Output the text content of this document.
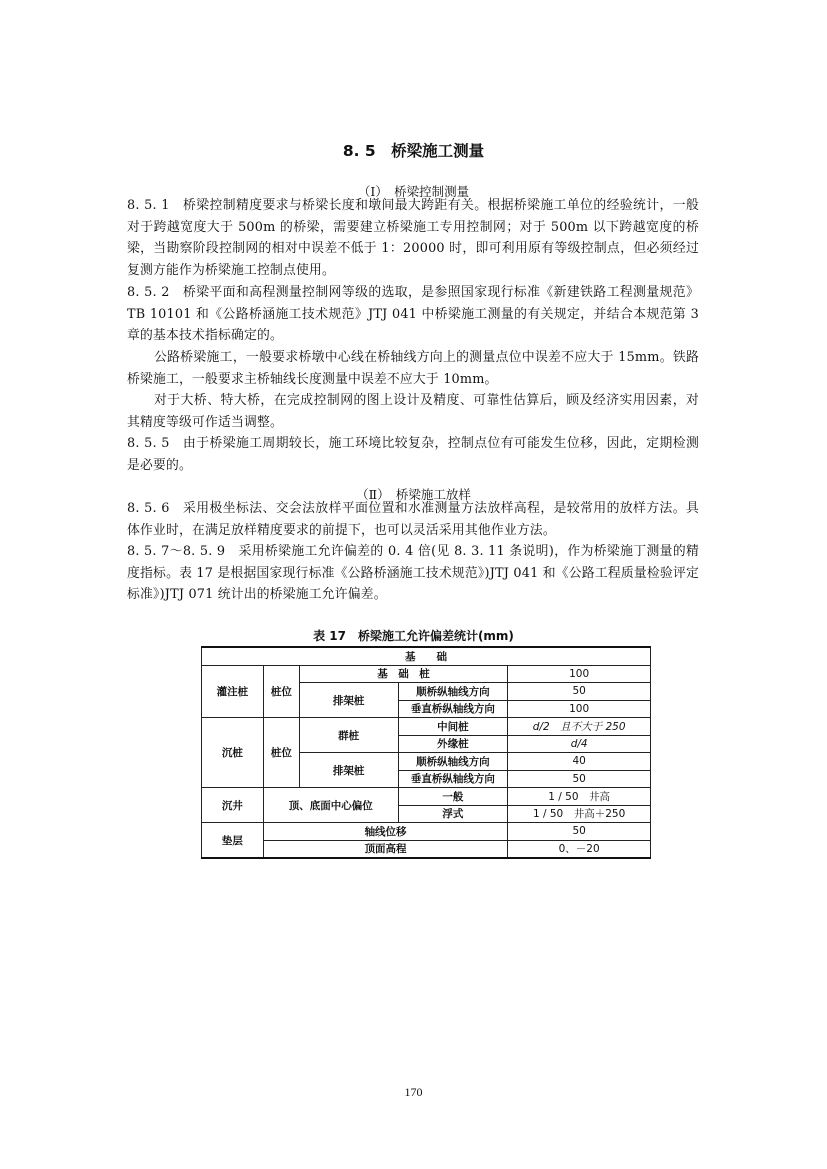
8. 5　桥梁施工测量
（Ⅰ）　桥梁控制测量

8. 5. 1　桥梁控制精度要求与桥梁长度和墩间最大跨距有关。根据桥梁施工单位的经验统计，一般对于跨越宽度大于 500m 的桥梁，需要建立桥梁施工专用控制网；对于 500m 以下跨越宽度的桥梁，当勘察阶段控制网的相对中误差不低于 1：20000 时，即可利用原有等级控制点，但必须经过复测方能作为桥梁施工控制点使用。

8. 5. 2　桥梁平面和高程测量控制网等级的选取，是参照国家现行标准《新建铁路工程测量规范》TB 10101 和《公路桥涵施工技术规范》JTJ 041 中桥梁施工测量的有关规定，并结合本规范第 3 章的基本技术指标确定的。

公路桥梁施工，一般要求桥墩中心线在桥轴线方向上的测量点位中误差不应大于 15mm。铁路桥梁施工，一般要求主桥轴线长度测量中误差不应大于 10mm。

对于大桥、特大桥，在完成控制网的图上设计及精度、可靠性估算后，顾及经济实用因素，对其精度等级可作适当调整。

8. 5. 5　由于桥梁施工周期较长，施工环境比较复杂，控制点位有可能发生位移，因此，定期检测是必要的。

（Ⅱ）　桥梁施工放样

8. 5. 6　采用极坐标法、交会法放样平面位置和水准测量方法放样高程，是较常用的放样方法。具体作业时，在满足放样精度要求的前提下，也可以灵活采用其他作业方法。

8. 5. 7～8. 5. 9　采用桥梁施工允许偏差的 0. 4 倍(见 8. 3. 11 条说明)，作为桥梁施丁测量的精度指标。表 17 是根据国家现行标准《公路桥涵施工技术规范》)JTJ 041 和《公路工程质量检验评定标准》)JTJ 071 统计出的桥梁施工允许偏差。

表 17　桥梁施工允许偏差统计(mm)
基　　础				
灌注桩	桩位	基　础　桩		100
		排架桩	顺桥纵轴线方向	50
			垂直桥纵轴线方向	100
沉桩	桩位	群桩	中间桩	d/2　且不大于 250
			外缘桩	d/4
		排架桩	顺桥纵轴线方向	40
			垂直桥纵轴线方向	50
沉井	顶、底面中心偏位		一般	1 / 50　井高
			浮式	1 / 50　井高＋250
垫层	轴线位移			50
	顶面高程			0、－20
170
